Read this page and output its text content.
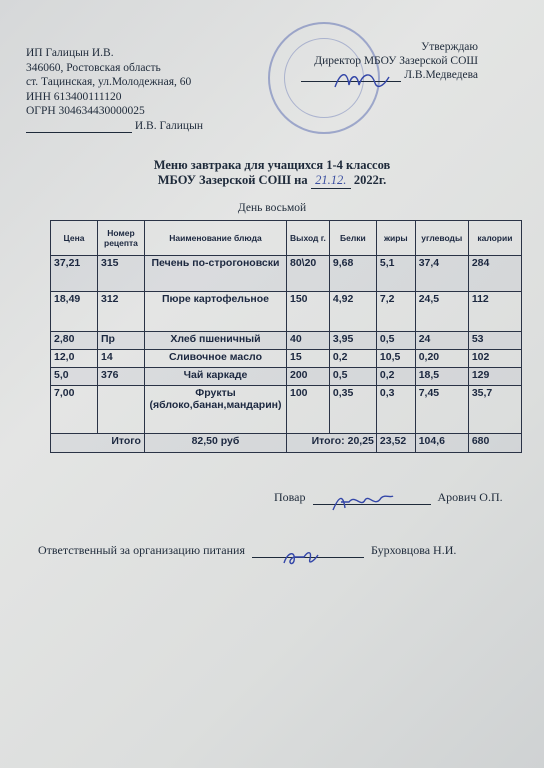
ИП Галицын И.В.
346060, Ростовская область
ст. Тацинская, ул.Молодежная, 60
ИНН 613400111120
ОГРН 304634430000025
И.В. Галицын
Утверждаю
Директор МБОУ Зазерской СОШ
Л.В.Медведева
Меню завтрака для учащихся 1-4 классов
МБОУ Зазерской СОШ на 21.12. 2022г.
День восьмой
Цена	Номер рецепта	Наименование блюда	Выход г.	Белки	жиры	углеводы	калории
37,21	315	Печень по-строгоновски	80\20	9,68	5,1	37,4	284
18,49	312	Пюре картофельное	150	4,92	7,2	24,5	112
2,80	Пр	Хлеб пшеничный	40	3,95	0,5	24	53
12,0	14	Сливочное масло	15	0,2	10,5	0,20	102
5,0	376	Чай каркаде	200	0,5	0,2	18,5	129
7,00		Фрукты (яблоко,банан,мандарин)	100	0,35	0,3	7,45	35,7
Итого		82,50 руб	Итого: 20,25		23,52	104,6	680
Повар	Арович О.П.
Ответственный за организацию питания	Бурховцова Н.И.
